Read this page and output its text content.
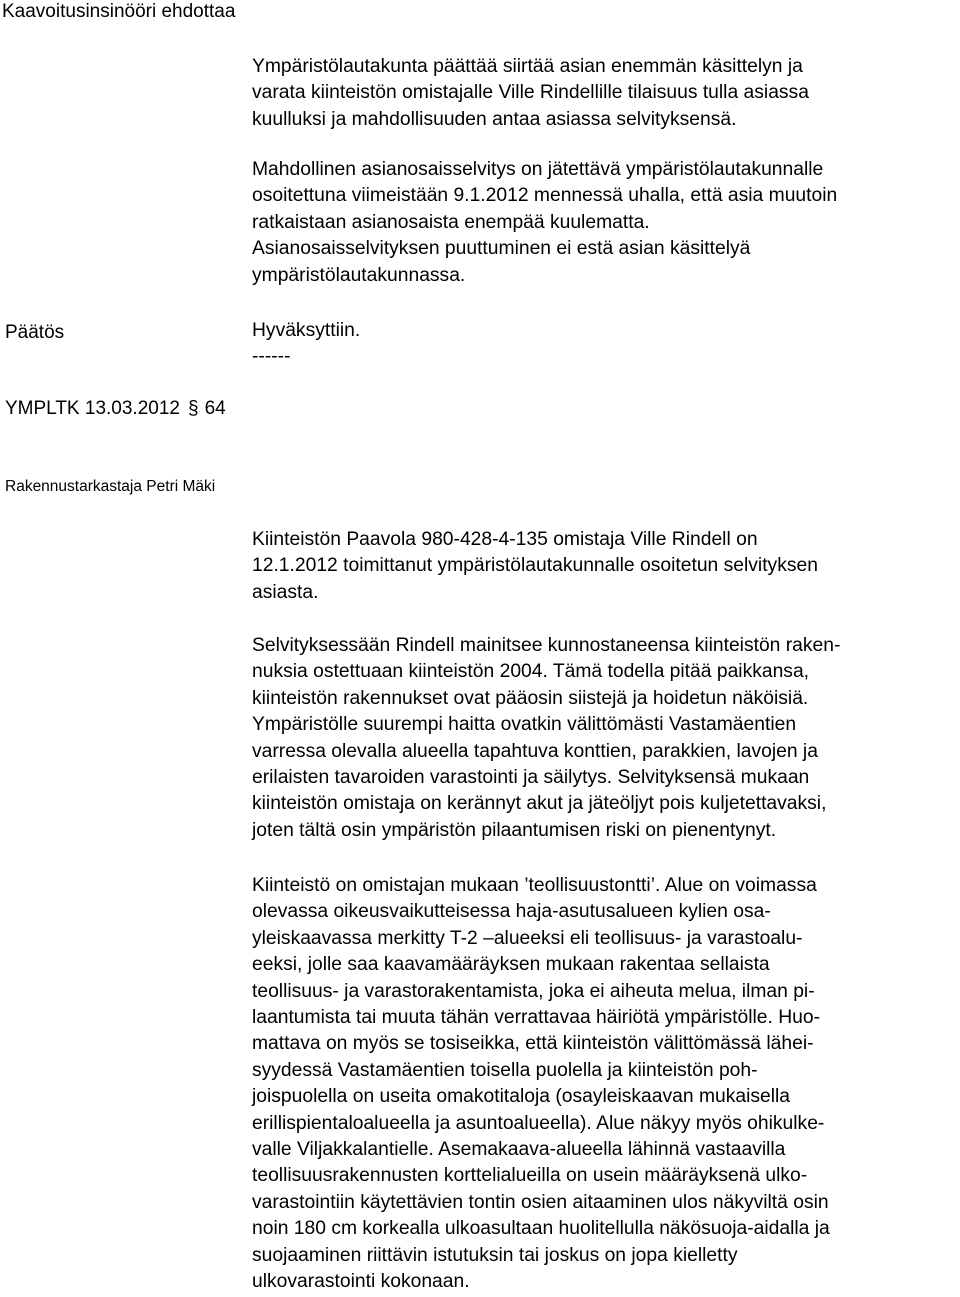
Kaavoitusinsinööri ehdottaa

Ympäristölautakunta päättää siirtää asian enemmän käsittelyn ja
varata kiinteistön omistajalle Ville Rindellille tilaisuus tulla asiassa
kuulluksi ja mahdollisuuden antaa asiassa selvityksensä.

Mahdollinen asianosaisselvitys on jätettävä ympäristölautakunnalle
osoitettuna viimeistään 9.1.2012 mennessä uhalla, että asia muutoin
ratkaistaan asianosaista enempää kuulematta.
Asianosaisselvityksen puuttuminen ei estä asian käsittelyä
ympäristölautakunnassa.

Päätös	Hyväksyttiin.

------

YMPLTK 13.03.2012 § 64

Rakennustarkastaja Petri Mäki

Kiinteistön Paavola 980-428-4-135 omistaja Ville Rindell on
12.1.2012 toimittanut ympäristölautakunnalle osoitetun selvityksen
asiasta.

Selvityksessään Rindell mainitsee kunnostaneensa kiinteistön raken-
nuksia ostettuaan kiinteistön 2004. Tämä todella pitää paikkansa,
kiinteistön rakennukset ovat pääosin siistejä ja hoidetun näköisiä.
Ympäristölle suurempi haitta ovatkin välittömästi Vastamäentien
varressa olevalla alueella tapahtuva konttien, parakkien, lavojen ja
erilaisten tavaroiden varastointi ja säilytys. Selvityksensä mukaan
kiinteistön omistaja on kerännyt akut ja jäteöljyt pois kuljetettavaksi,
joten tältä osin ympäristön pilaantumisen riski on pienentynyt.

Kiinteistö on omistajan mukaan ’teollisuustontti’. Alue on voimassa
olevassa oikeusvaikutteisessa haja-asutusalueen kylien osa-
yleiskaavassa merkitty T-2 –alueeksi eli teollisuus- ja varastoalu-
eeksi, jolle saa kaavamääräyksen mukaan rakentaa sellaista
teollisuus- ja varastorakentamista, joka ei aiheuta melua, ilman pi-
laantumista tai muuta tähän verrattavaa häiriötä ympäristölle. Huo-
mattava on myös se tosiseikka, että kiinteistön välittömässä lähei-
syydessä Vastamäentien toisella puolella ja kiinteistön poh-
joispuolella on useita omakotitaloja (osayleiskaavan mukaisella
erillispientaloalueella ja asuntoalueella). Alue näkyy myös ohikulke-
valle Viljakkalantielle. Asemakaava-alueella lähinnä vastaavilla
teollisuusrakennusten korttelialueilla on usein määräyksenä ulko-
varastointiin käytettävien tontin osien aitaaminen ulos näkyviltä osin
noin 180 cm korkealla ulkoasultaan huolitellulla näkösuoja-aidalla ja
suojaaminen riittävin istutuksin tai joskus on jopa kielletty
ulkovarastointi kokonaan.
